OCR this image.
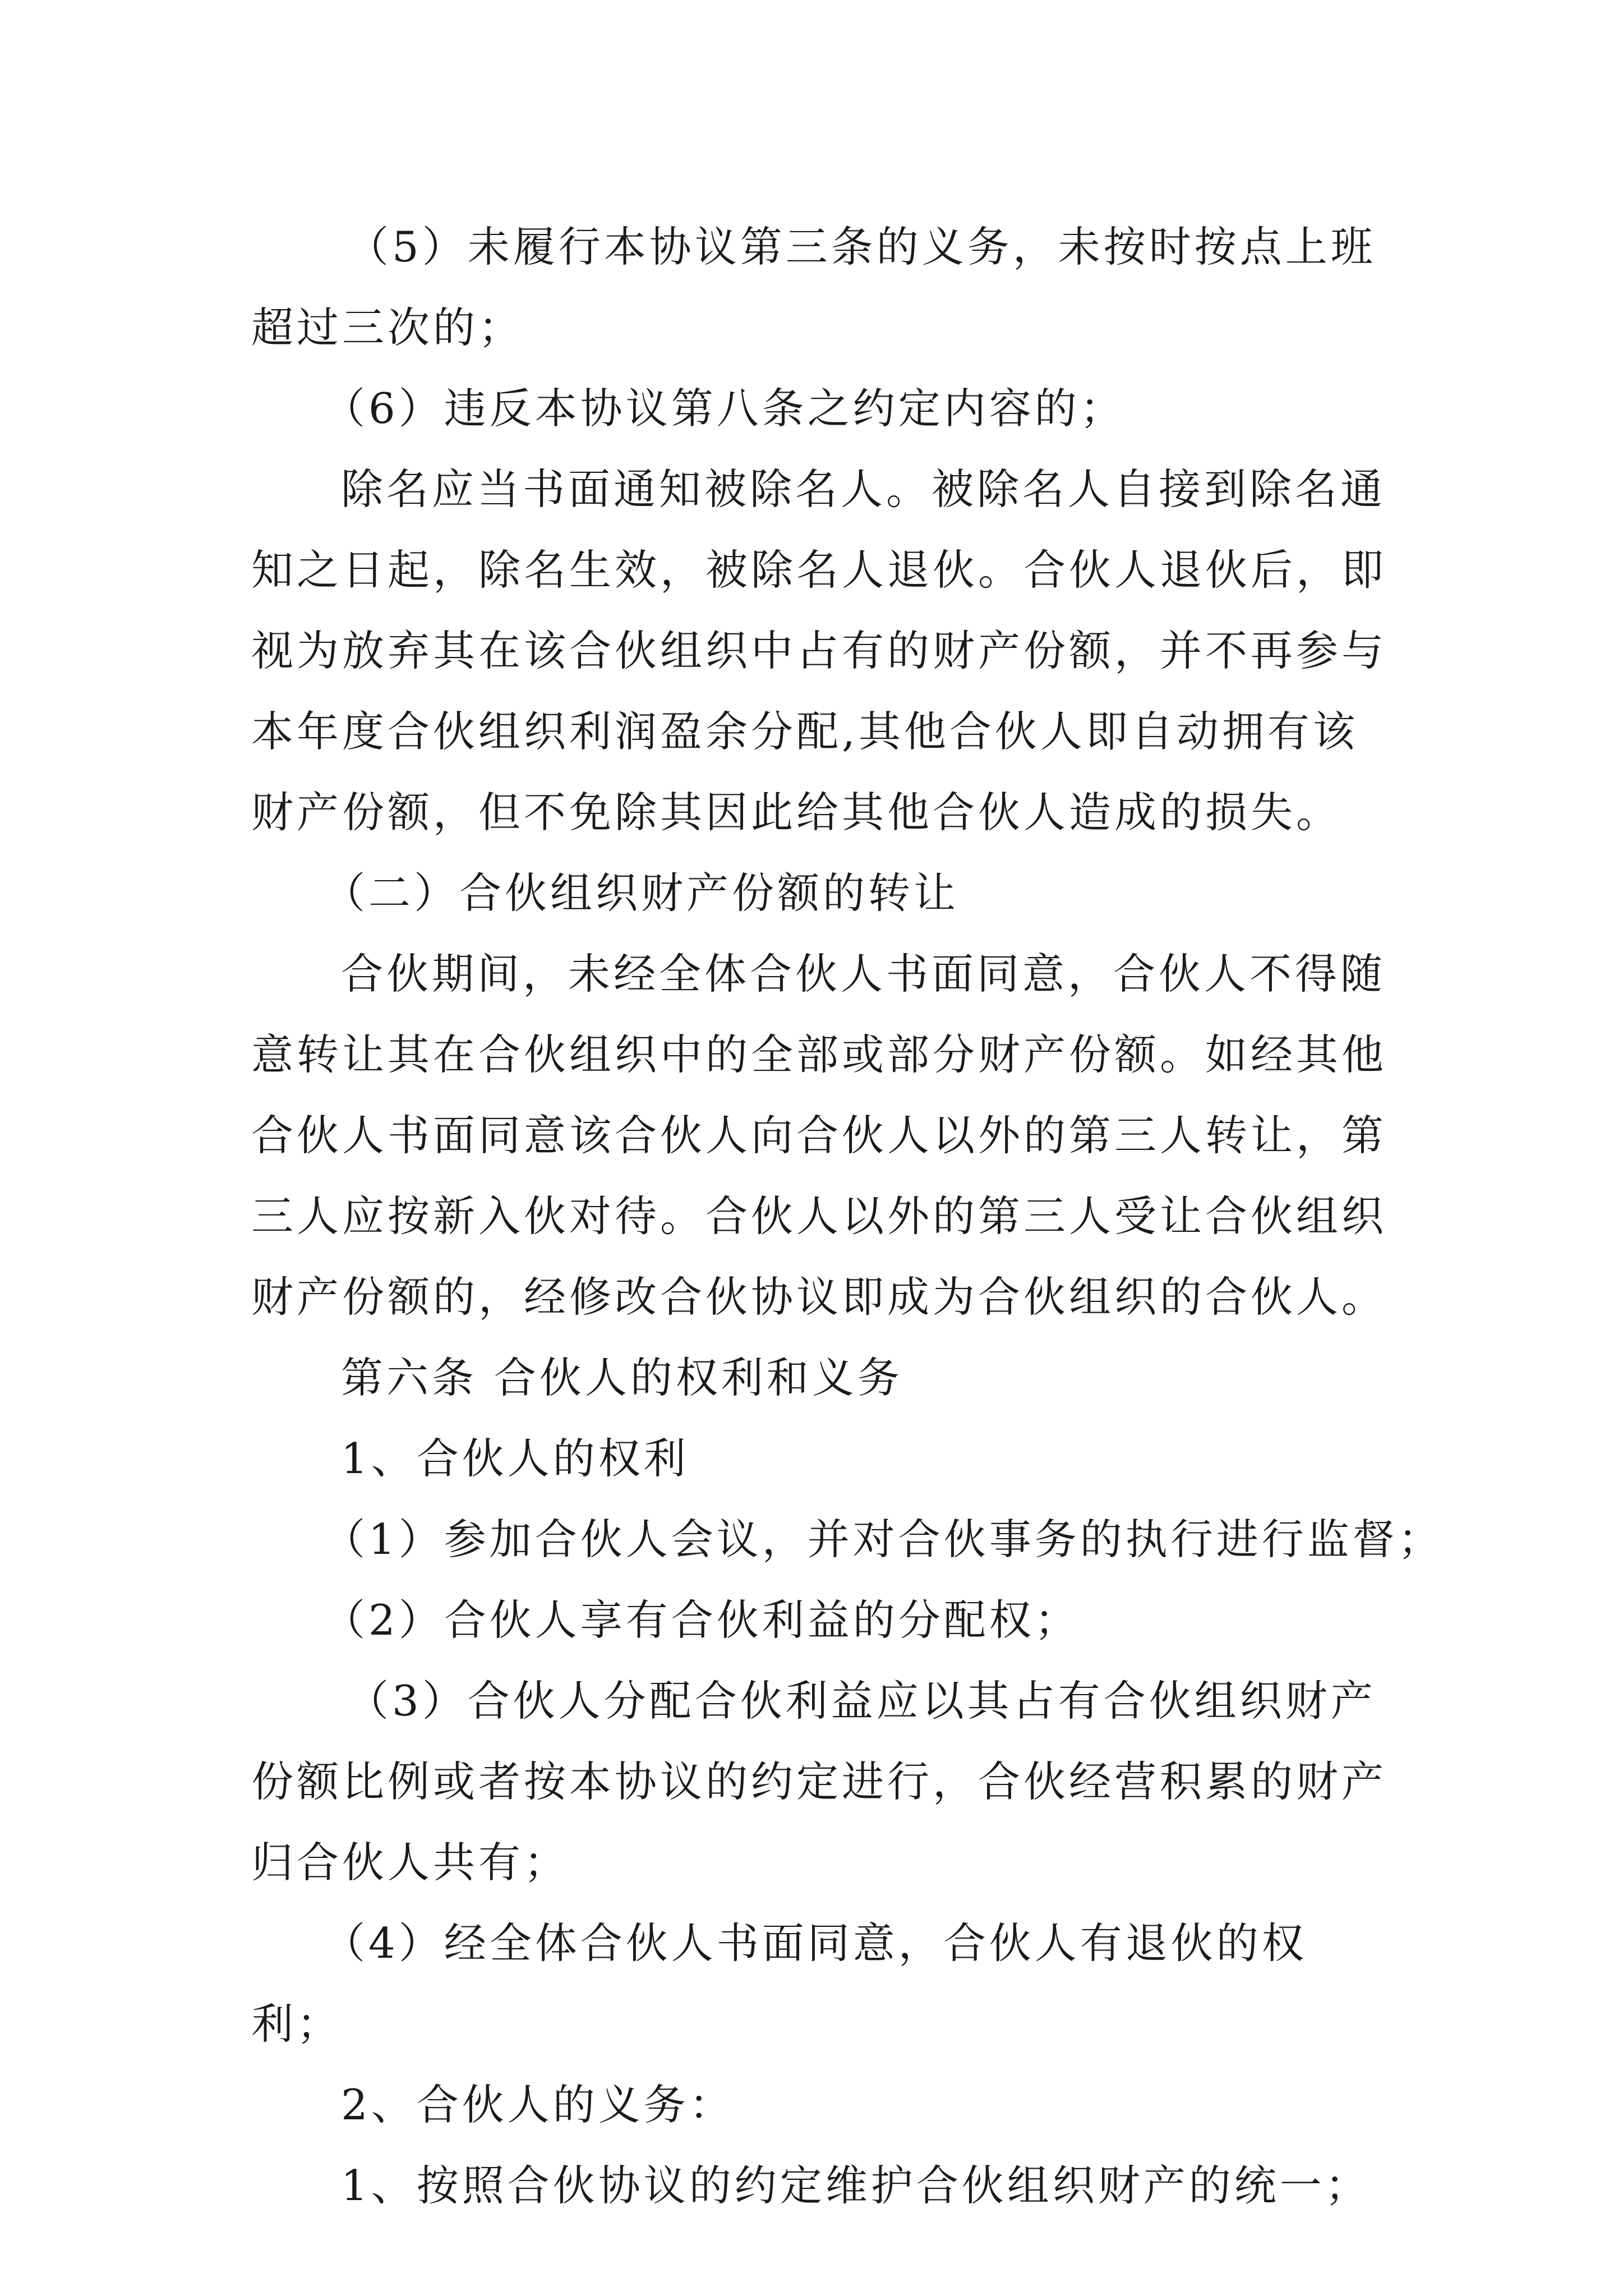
（5）未履行本协议第三条的义务，未按时按点上班超过三次的；

（6）违反本协议第八条之约定内容的；

除名应当书面通知被除名人。被除名人自接到除名通知之日起，除名生效，被除名人退伙。合伙人退伙后，即视为放弃其在该合伙组织中占有的财产份额，并不再参与本年度合伙组织利润盈余分配,其他合伙人即自动拥有该财产份额，但不免除其因此给其他合伙人造成的损失。

（二）合伙组织财产份额的转让

合伙期间，未经全体合伙人书面同意，合伙人不得随意转让其在合伙组织中的全部或部分财产份额。如经其他合伙人书面同意该合伙人向合伙人以外的第三人转让，第三人应按新入伙对待。合伙人以外的第三人受让合伙组织财产份额的，经修改合伙协议即成为合伙组织的合伙人。

第六条 合伙人的权利和义务

1、合伙人的权利

（1）参加合伙人会议，并对合伙事务的执行进行监督；

（2）合伙人享有合伙利益的分配权；

（3）合伙人分配合伙利益应以其占有合伙组织财产份额比例或者按本协议的约定进行，合伙经营积累的财产归合伙人共有；

（4）经全体合伙人书面同意，合伙人有退伙的权利；

2、合伙人的义务：

1、按照合伙协议的约定维护合伙组织财产的统一；
